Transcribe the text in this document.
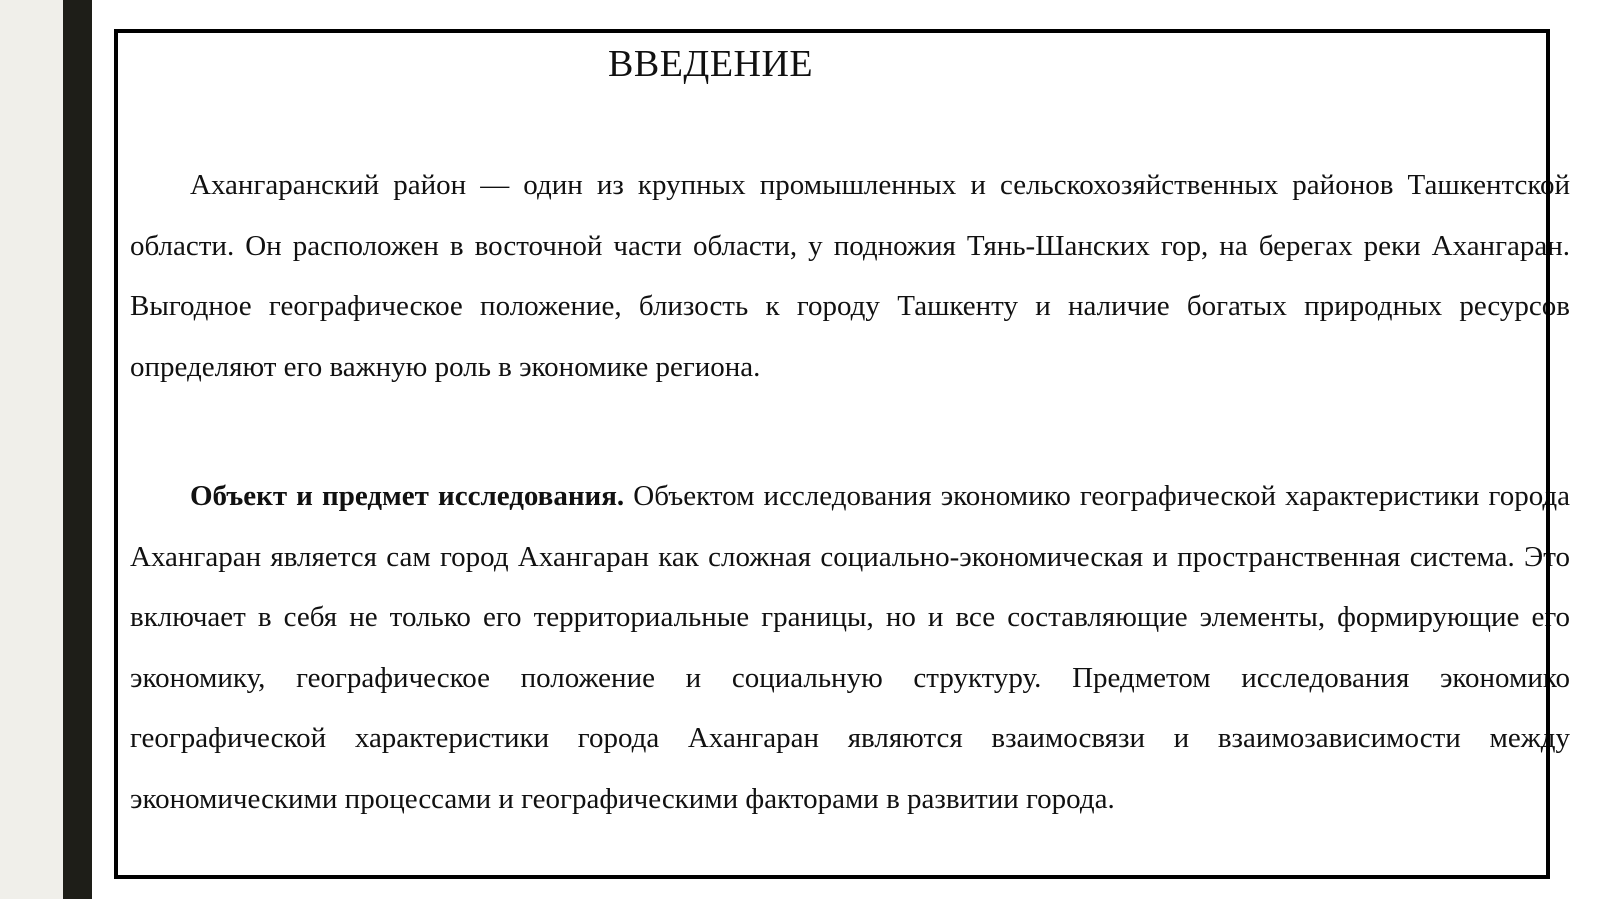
ВВЕДЕНИЕ

Ахангаранский район — один из крупных промышленных и сельскохозяйственных районов Ташкентской области. Он расположен в восточной части области, у подножия Тянь-Шанских гор, на берегах реки Ахангаран. Выгодное географическое положение, близость к городу Ташкенту и наличие богатых природных ресурсов определяют его важную роль в экономике региона.

Объект и предмет исследования. Объектом исследования экономико географической характеристики города Ахангаран является сам город Ахангаран как сложная социально-экономическая и пространственная система. Это включает в себя не только его территориальные границы, но и все составляющие элементы, формирующие его экономику, географическое положение и социальную структуру. Предметом исследования экономико географической характеристики города Ахангаран являются взаимосвязи и взаимозависимости между экономическими процессами и географическими факторами в развитии города.
